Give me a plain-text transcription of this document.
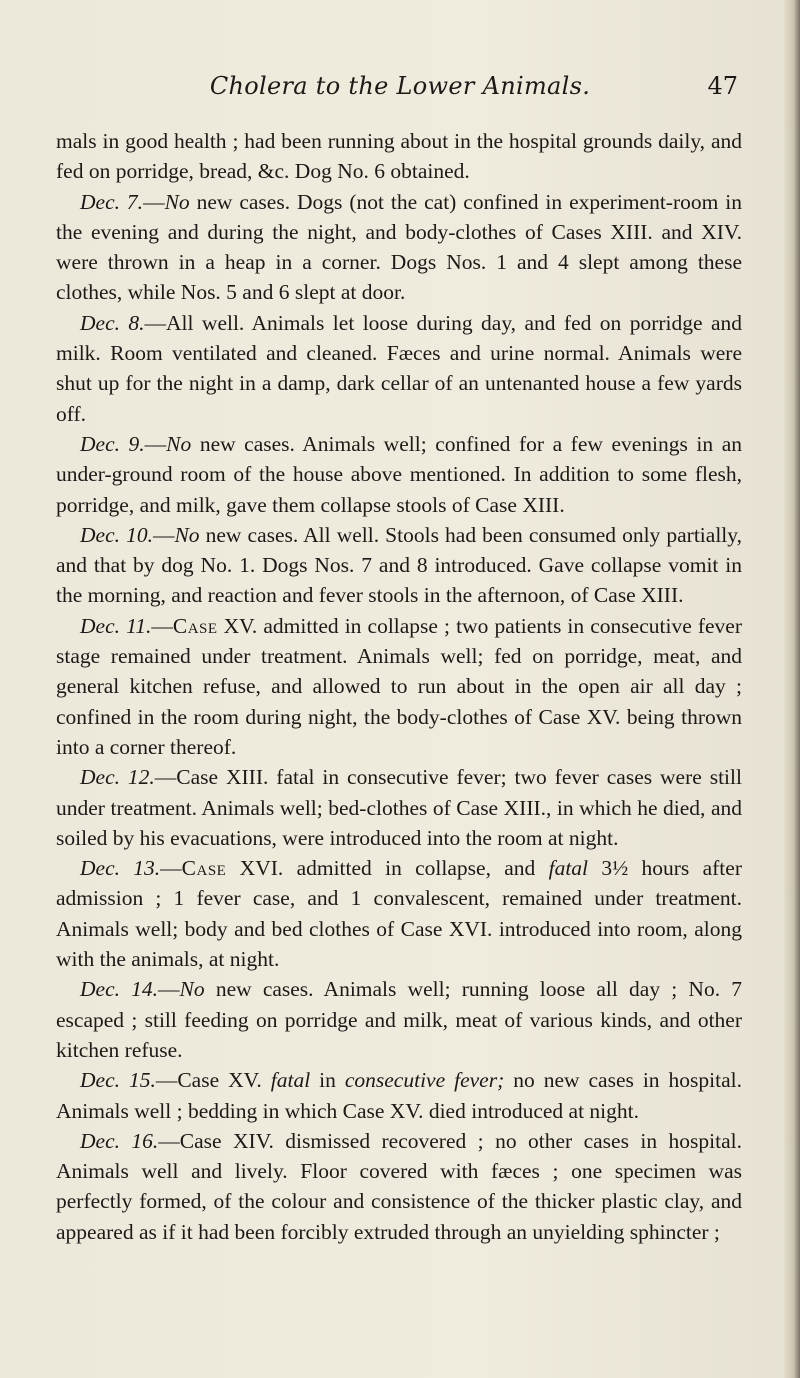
Cholera to the Lower Animals.	47

mals in good health ; had been running about in the hospital grounds daily, and fed on porridge, bread, &c. Dog No. 6 obtained.

Dec. 7.—No new cases. Dogs (not the cat) confined in experiment-room in the evening and during the night, and body-clothes of Cases XIII. and XIV. were thrown in a heap in a corner. Dogs Nos. 1 and 4 slept among these clothes, while Nos. 5 and 6 slept at door.

Dec. 8.—All well. Animals let loose during day, and fed on porridge and milk. Room ventilated and cleaned. Fæces and urine normal. Animals were shut up for the night in a damp, dark cellar of an untenanted house a few yards off.

Dec. 9.—No new cases. Animals well; confined for a few evenings in an under-ground room of the house above mentioned. In addition to some flesh, porridge, and milk, gave them collapse stools of Case XIII.

Dec. 10.—No new cases. All well. Stools had been consumed only partially, and that by dog No. 1. Dogs Nos. 7 and 8 introduced. Gave collapse vomit in the morning, and reaction and fever stools in the afternoon, of Case XIII.

Dec. 11.—Case XV. admitted in collapse ; two patients in consecutive fever stage remained under treatment. Animals well; fed on porridge, meat, and general kitchen refuse, and allowed to run about in the open air all day ; confined in the room during night, the body-clothes of Case XV. being thrown into a corner thereof.

Dec. 12.—Case XIII. fatal in consecutive fever; two fever cases were still under treatment. Animals well; bed-clothes of Case XIII., in which he died, and soiled by his evacuations, were introduced into the room at night.

Dec. 13.—Case XVI. admitted in collapse, and fatal 3½ hours after admission ; 1 fever case, and 1 convalescent, remained under treatment. Animals well; body and bed clothes of Case XVI. introduced into room, along with the animals, at night.

Dec. 14.—No new cases. Animals well; running loose all day ; No. 7 escaped ; still feeding on porridge and milk, meat of various kinds, and other kitchen refuse.

Dec. 15.—Case XV. fatal in consecutive fever; no new cases in hospital. Animals well ; bedding in which Case XV. died introduced at night.

Dec. 16.—Case XIV. dismissed recovered ; no other cases in hospital. Animals well and lively. Floor covered with fæces ; one specimen was perfectly formed, of the colour and consistence of the thicker plastic clay, and appeared as if it had been forcibly extruded through an unyielding sphincter ;
